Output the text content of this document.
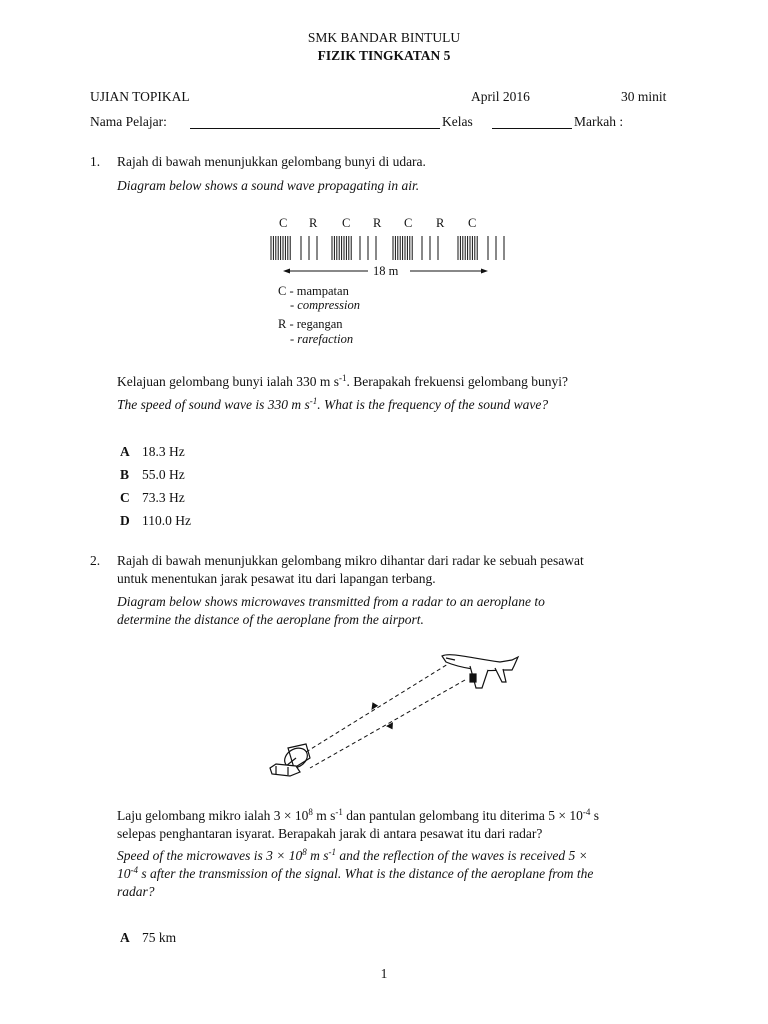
SMK BANDAR BINTULU
FIZIK TINGKATAN 5
UJIAN TOPIKAL	April 2016	30 minit
Nama Pelajar:	Kelas	Markah :
1. Rajah di bawah menunjukkan gelombang bunyi di udara.
Diagram below shows a sound wave propagating in air.
C R C R C R C
18 m
C - mampatan
- compression
R - regangan
- rarefaction
Kelajuan gelombang bunyi ialah 330 m $s^{-1}$. Berapakah frekuensi gelombang bunyi?
The speed of sound wave is 330 m $s^{-1}$. What is the frequency of the sound wave?
A 18.3 Hz
B 55.0 Hz
C 73.3 Hz
D 110.0 Hz
2. Rajah di bawah menunjukkan gelombang mikro dihantar dari radar ke sebuah pesawat
untuk menentukan jarak pesawat itu dari lapangan terbang.
Diagram below shows microwaves transmitted from a radar to an aeroplane to
determine the distance of the aeroplane from the airport.
Laju gelombang mikro ialah $3 \times 10^8$ m $s^{-1}$ dan pantulan gelombang itu diterima $5 \times 10^{-4}$ s
selepas penghantaran isyarat. Berapakah jarak di antara pesawat itu dari radar?
Speed of the microwaves is $3 \times 10^8$ m $s^{-1}$ and the reflection of the waves is received 5 ×
$10^{-4}$ s after the transmission of the signal. What is the distance of the aeroplane from the
radar?
A 75 km
1
